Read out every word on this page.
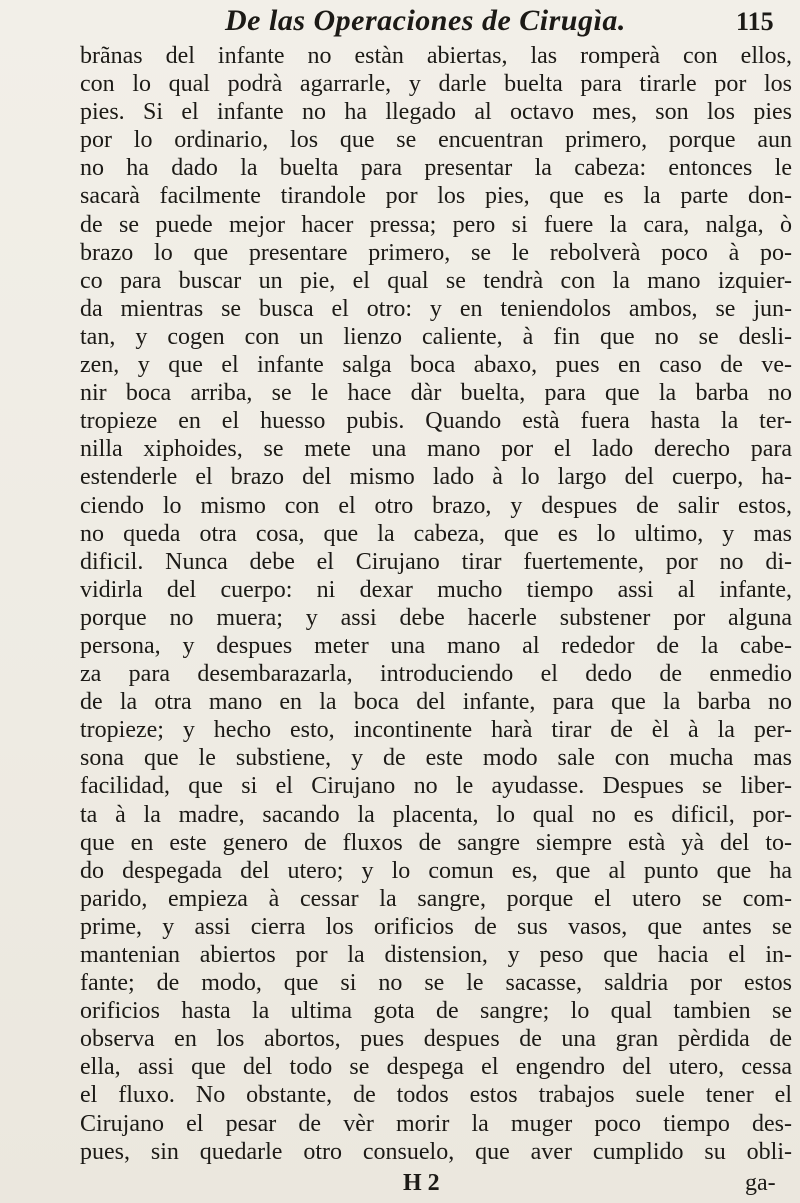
De las Operaciones de Cirugìa.	115
brãnas del infante no estàn abiertas, las romperà con ellos,
con lo qual podrà agarrarle, y darle buelta para tirarle por los
pies. Si el infante no ha llegado al octavo mes, son los pies
por lo ordinario, los que se encuentran primero, porque aun
no ha dado la buelta para presentar la cabeza: entonces le
sacarà facilmente tirandole por los pies, que es la parte don-
de se puede mejor hacer pressa; pero si fuere la cara, nalga, ò
brazo lo que presentare primero, se le rebolverà poco à po-
co para buscar un pie, el qual se tendrà con la mano izquier-
da mientras se busca el otro: y en teniendolos ambos, se jun-
tan, y cogen con un lienzo caliente, à fin que no se desli-
zen, y que el infante salga boca abaxo, pues en caso de ve-
nir boca arriba, se le hace dàr buelta, para que la barba no
tropieze en el huesso pubis. Quando està fuera hasta la ter-
nilla xiphoides, se mete una mano por el lado derecho para
estenderle el brazo del mismo lado à lo largo del cuerpo, ha-
ciendo lo mismo con el otro brazo, y despues de salir estos,
no queda otra cosa, que la cabeza, que es lo ultimo, y mas
dificil. Nunca debe el Cirujano tirar fuertemente, por no di-
vidirla del cuerpo: ni dexar mucho tiempo assi al infante,
porque no muera; y assi debe hacerle substener por alguna
persona, y despues meter una mano al rededor de la cabe-
za para desembarazarla, introduciendo el dedo de enmedio
de la otra mano en la boca del infante, para que la barba no
tropieze; y hecho esto, incontinente harà tirar de èl à la per-
sona que le substiene, y de este modo sale con mucha mas
facilidad, que si el Cirujano no le ayudasse. Despues se liber-
ta à la madre, sacando la placenta, lo qual no es dificil, por-
que en este genero de fluxos de sangre siempre està yà del to-
do despegada del utero; y lo comun es, que al punto que ha
parido, empieza à cessar la sangre, porque el utero se com-
prime, y assi cierra los orificios de sus vasos, que antes se
mantenian abiertos por la distension, y peso que hacia el in-
fante; de modo, que si no se le sacasse, saldria por estos
orificios hasta la ultima gota de sangre; lo qual tambien se
observa en los abortos, pues despues de una gran pèrdida de
ella, assi que del todo se despega el engendro del utero, cessa
el fluxo. No obstante, de todos estos trabajos suele tener el
Cirujano el pesar de vèr morir la muger poco tiempo des-
pues, sin quedarle otro consuelo, que aver cumplido su obli-
H 2	ga-
